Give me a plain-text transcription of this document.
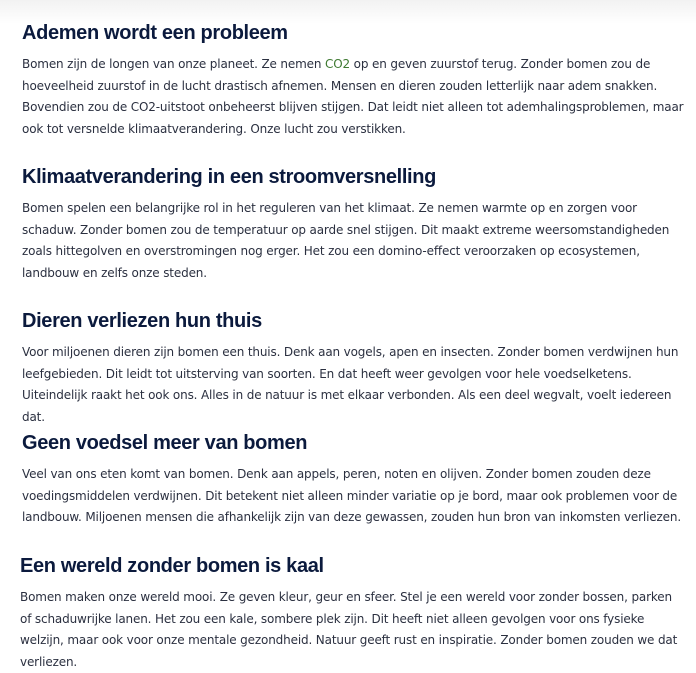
Ademen wordt een probleem

Bomen zijn de longen van onze planeet. Ze nemen CO2 op en geven zuurstof terug. Zonder bomen zou de hoeveelheid zuurstof in de lucht drastisch afnemen. Mensen en dieren zouden letterlijk naar adem snakken. Bovendien zou de CO2-uitstoot onbeheerst blijven stijgen. Dat leidt niet alleen tot ademhalingsproblemen, maar ook tot versnelde klimaatverandering. Onze lucht zou verstikken.

Klimaatverandering in een stroomversnelling

Bomen spelen een belangrijke rol in het reguleren van het klimaat. Ze nemen warmte op en zorgen voor schaduw. Zonder bomen zou de temperatuur op aarde snel stijgen. Dit maakt extreme weersomstandigheden zoals hittegolven en overstromingen nog erger. Het zou een domino-effect veroorzaken op ecosystemen, landbouw en zelfs onze steden.

Dieren verliezen hun thuis

Voor miljoenen dieren zijn bomen een thuis. Denk aan vogels, apen en insecten. Zonder bomen verdwijnen hun leefgebieden. Dit leidt tot uitsterving van soorten. En dat heeft weer gevolgen voor hele voedselketens. Uiteindelijk raakt het ook ons. Alles in de natuur is met elkaar verbonden. Als een deel wegvalt, voelt iedereen dat.

Geen voedsel meer van bomen

Veel van ons eten komt van bomen. Denk aan appels, peren, noten en olijven. Zonder bomen zouden deze voedingsmiddelen verdwijnen. Dit betekent niet alleen minder variatie op je bord, maar ook problemen voor de landbouw. Miljoenen mensen die afhankelijk zijn van deze gewassen, zouden hun bron van inkomsten verliezen.

Een wereld zonder bomen is kaal

Bomen maken onze wereld mooi. Ze geven kleur, geur en sfeer. Stel je een wereld voor zonder bossen, parken of schaduwrijke lanen. Het zou een kale, sombere plek zijn. Dit heeft niet alleen gevolgen voor ons fysieke welzijn, maar ook voor onze mentale gezondheid. Natuur geeft rust en inspiratie. Zonder bomen zouden we dat verliezen.
